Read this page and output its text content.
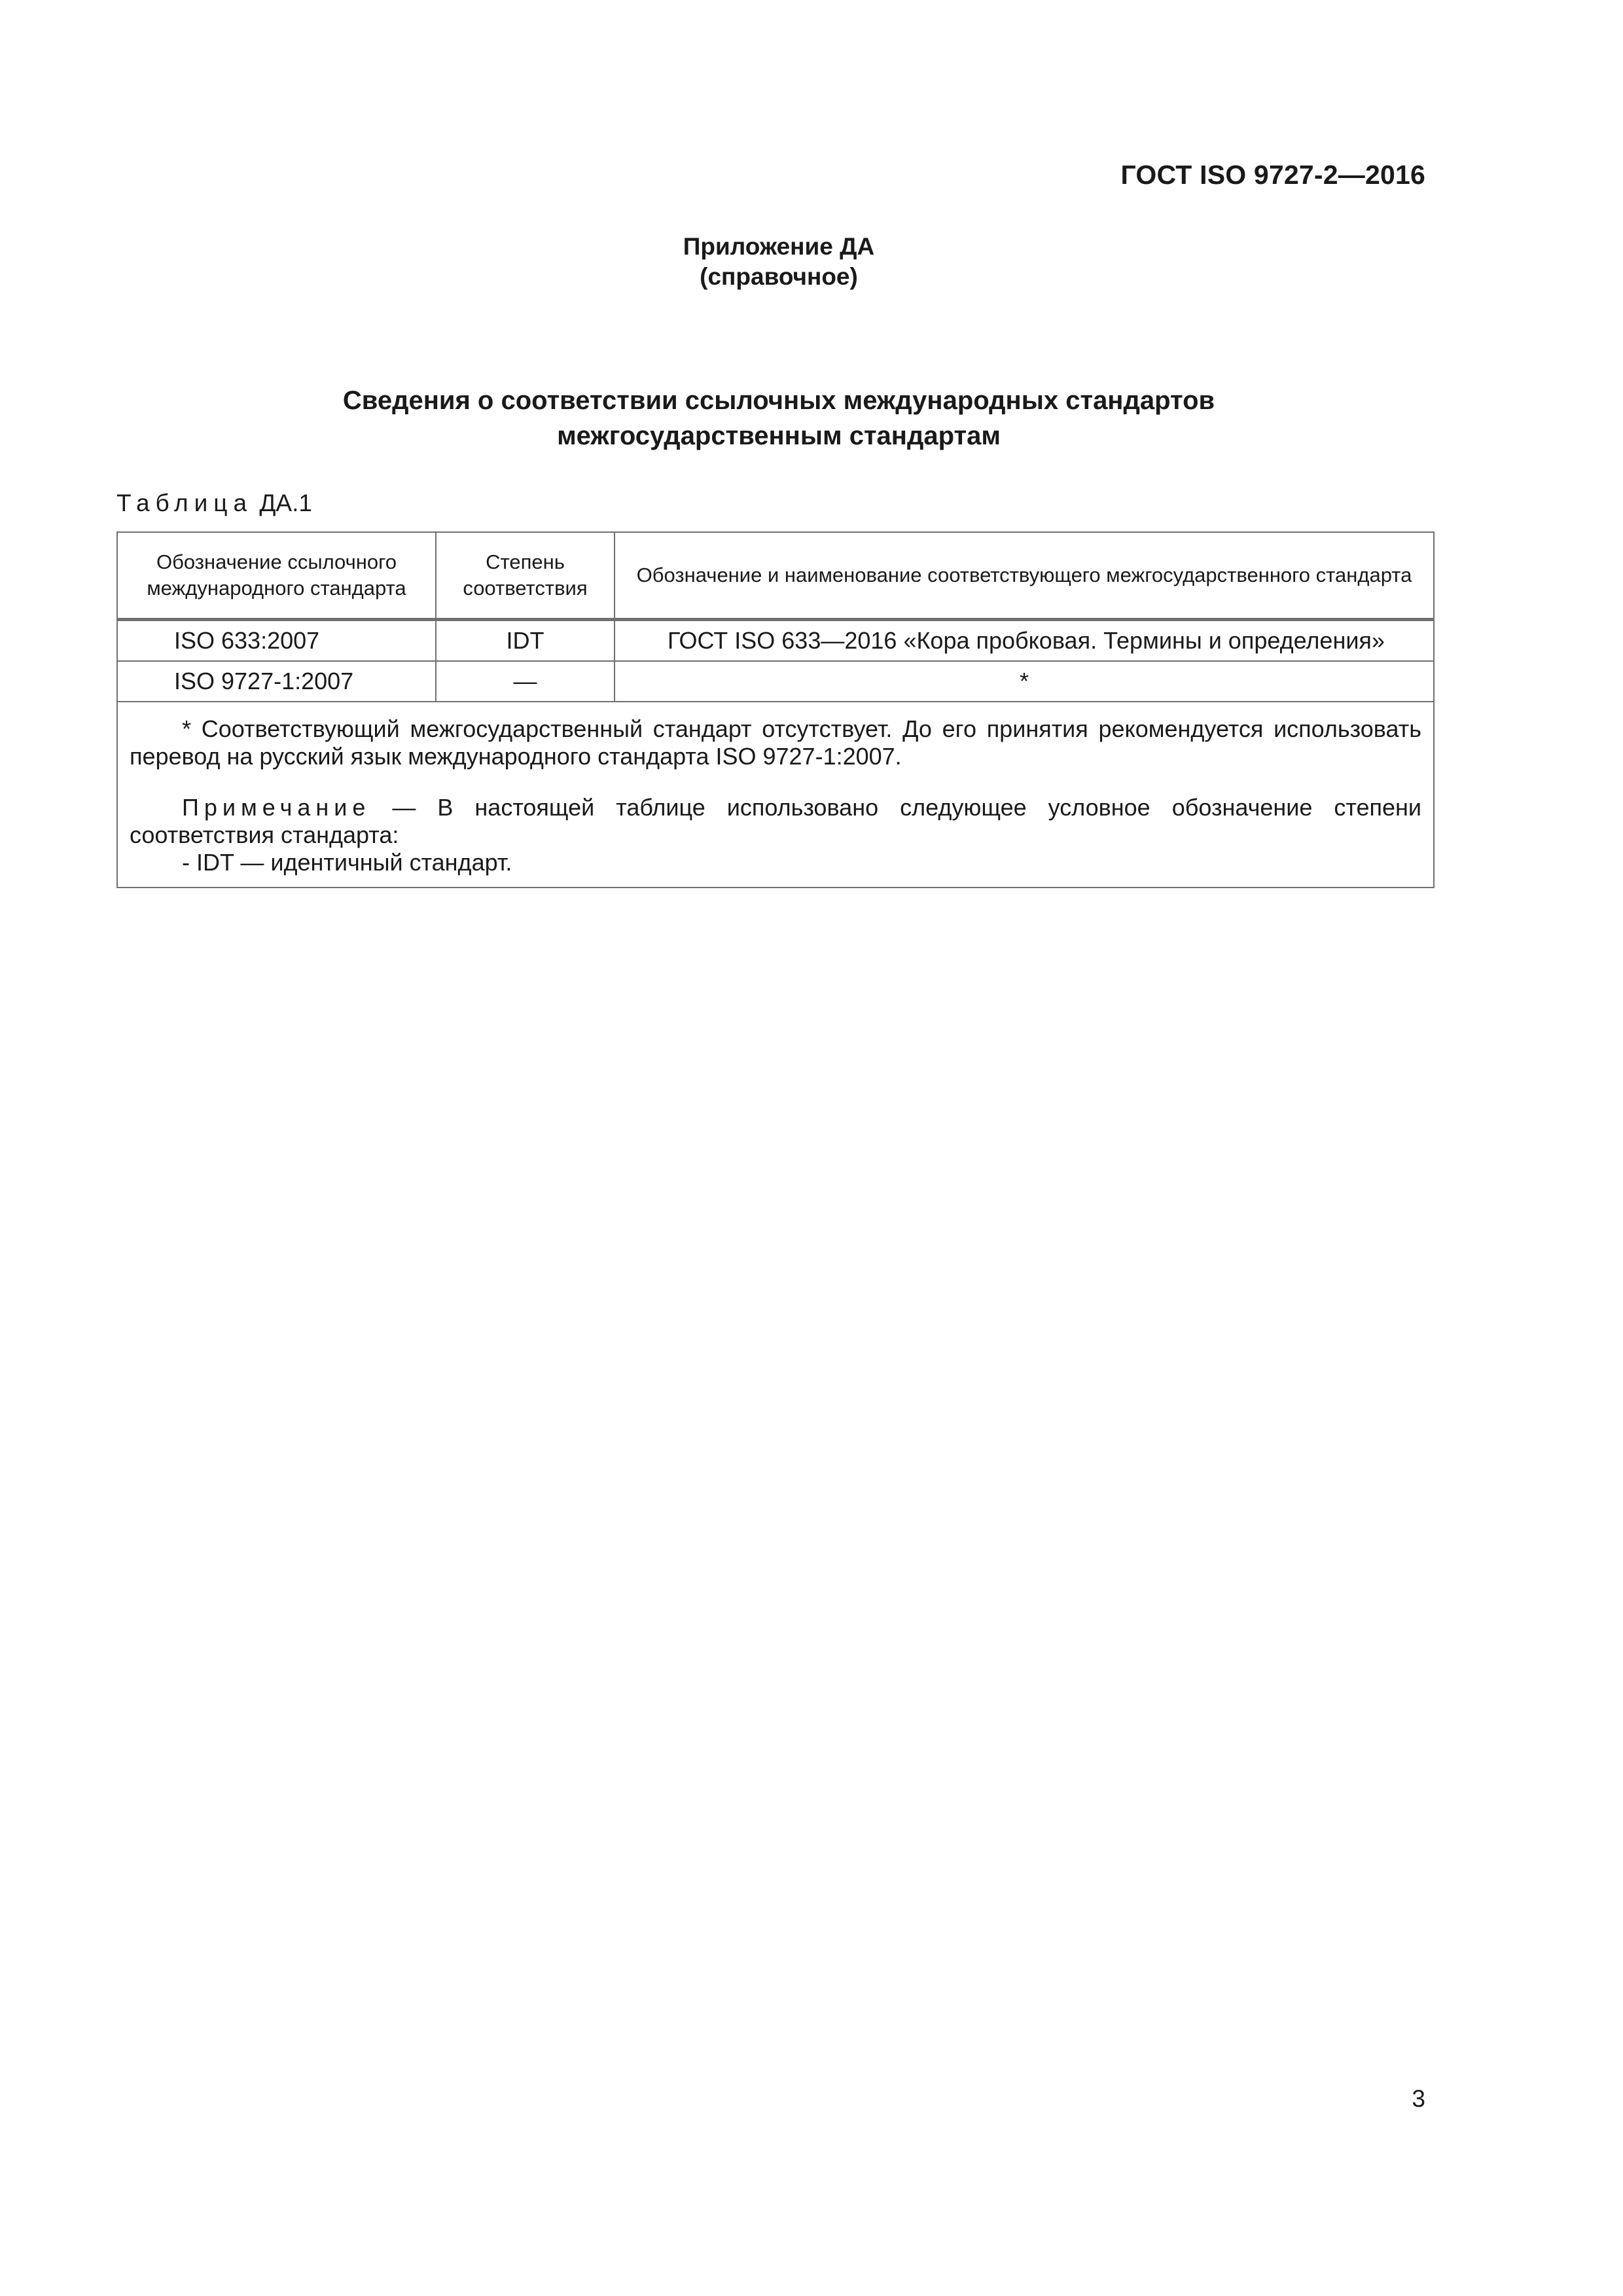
ГОСТ ISO 9727-2—2016
Приложение ДА
(справочное)
Сведения о соответствии ссылочных международных стандартов
межгосударственным стандартам
Таблица ДА.1
Обозначение ссылочного международного стандарта	Степень соответствия	Обозначение и наименование соответствующего межгосударственного стандарта
ISO 633:2007	IDT	ГОСТ ISO 633—2016 «Кора пробковая. Термины и определения»
ISO 9727-1:2007	—	*

* Соответствующий межгосударственный стандарт отсутствует. До его принятия рекомендуется использовать перевод на русский язык международного стандарта ISO 9727-1:2007.

Примечание — В настоящей таблице использовано следующее условное обозначение степени соответствия стандарта:

- IDT — идентичный стандарт.		

3
